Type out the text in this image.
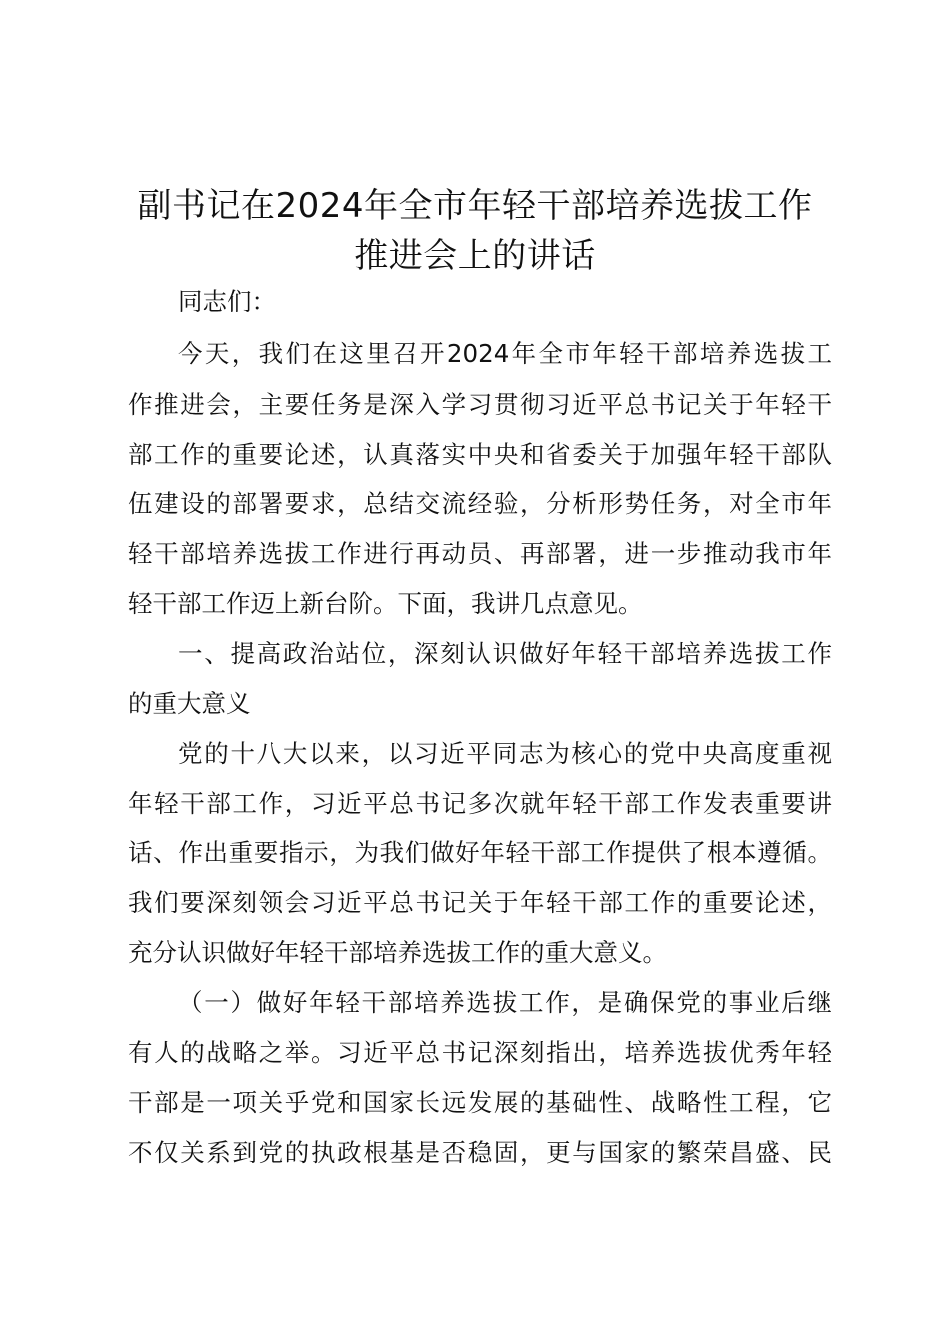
副书记在2024年全市年轻干部培养选拔工作
推进会上的讲话

同志们：

今天，我们在这里召开2024年全市年轻干部培养选拔工

作推进会，主要任务是深入学习贯彻习近平总书记关于年轻干

部工作的重要论述，认真落实中央和省委关于加强年轻干部队

伍建设的部署要求，总结交流经验，分析形势任务，对全市年

轻干部培养选拔工作进行再动员、再部署，进一步推动我市年

轻干部工作迈上新台阶。下面，我讲几点意见。

一、提高政治站位，深刻认识做好年轻干部培养选拔工作

的重大意义

党的十八大以来，以习近平同志为核心的党中央高度重视

年轻干部工作，习近平总书记多次就年轻干部工作发表重要讲

话、作出重要指示，为我们做好年轻干部工作提供了根本遵循。

我们要深刻领会习近平总书记关于年轻干部工作的重要论述，

充分认识做好年轻干部培养选拔工作的重大意义。

（一）做好年轻干部培养选拔工作，是确保党的事业后继

有人的战略之举。习近平总书记深刻指出，培养选拔优秀年轻

干部是一项关乎党和国家长远发展的基础性、战略性工程，它

不仅关系到党的执政根基是否稳固，更与国家的繁荣昌盛、民
